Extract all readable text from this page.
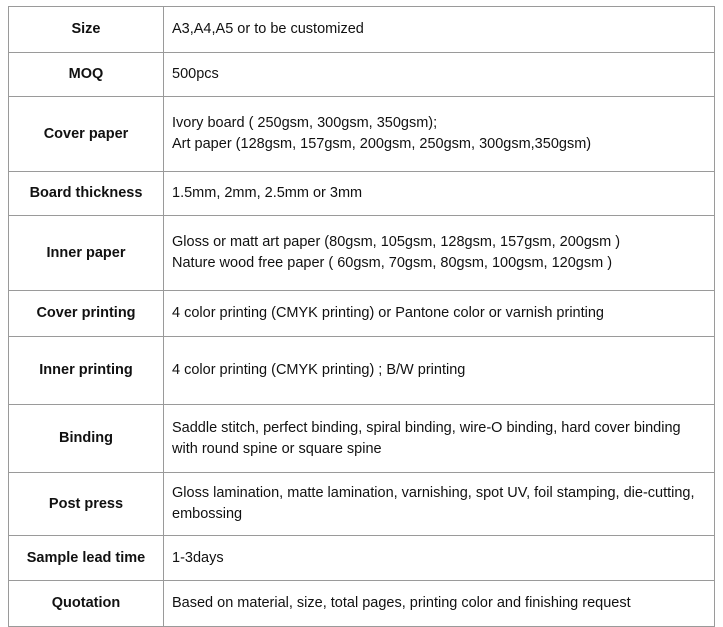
Size	A3,A4,A5 or to be customized

MOQ	500pcs

Cover paper	Ivory board ( 250gsm, 300gsm, 350gsm);
Art paper (128gsm, 157gsm, 200gsm, 250gsm, 300gsm,350gsm)

Board thickness	1.5mm, 2mm, 2.5mm or 3mm

Inner paper	Gloss or matt art paper (80gsm, 105gsm, 128gsm, 157gsm, 200gsm )
Nature wood free paper ( 60gsm, 70gsm, 80gsm, 100gsm, 120gsm )

Cover printing	4 color printing (CMYK printing) or Pantone color or varnish printing

Inner printing	4 color printing (CMYK printing) ; B/W printing

Binding	Saddle stitch, perfect binding, spiral binding, wire-O binding, hard cover binding with round spine or square spine

Post press	Gloss lamination, matte lamination, varnishing, spot UV, foil stamping, die-cutting, embossing

Sample lead time	1-3days

Quotation	Based on material, size, total pages, printing color and finishing request
